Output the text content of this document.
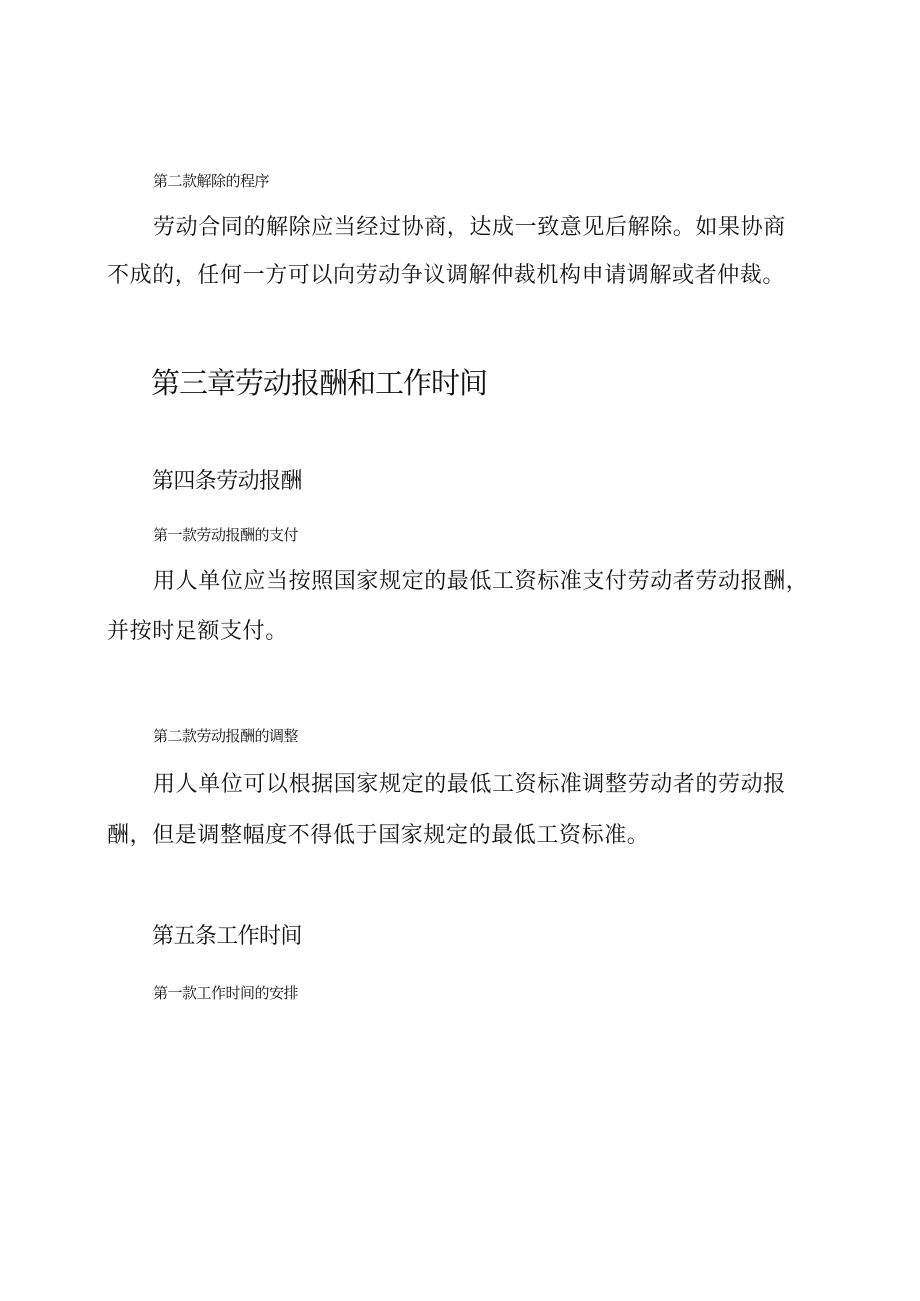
第二款解除的程序

劳动合同的解除应当经过协商，达成一致意见后解除。如果协商

不成的，任何一方可以向劳动争议调解仲裁机构申请调解或者仲裁。

第三章劳动报酬和工作时间
第四条劳动报酬

第一款劳动报酬的支付

用人单位应当按照国家规定的最低工资标准支付劳动者劳动报酬，

并按时足额支付。

第二款劳动报酬的调整

用人单位可以根据国家规定的最低工资标准调整劳动者的劳动报

酬，但是调整幅度不得低于国家规定的最低工资标准。

第五条工作时间

第一款工作时间的安排
